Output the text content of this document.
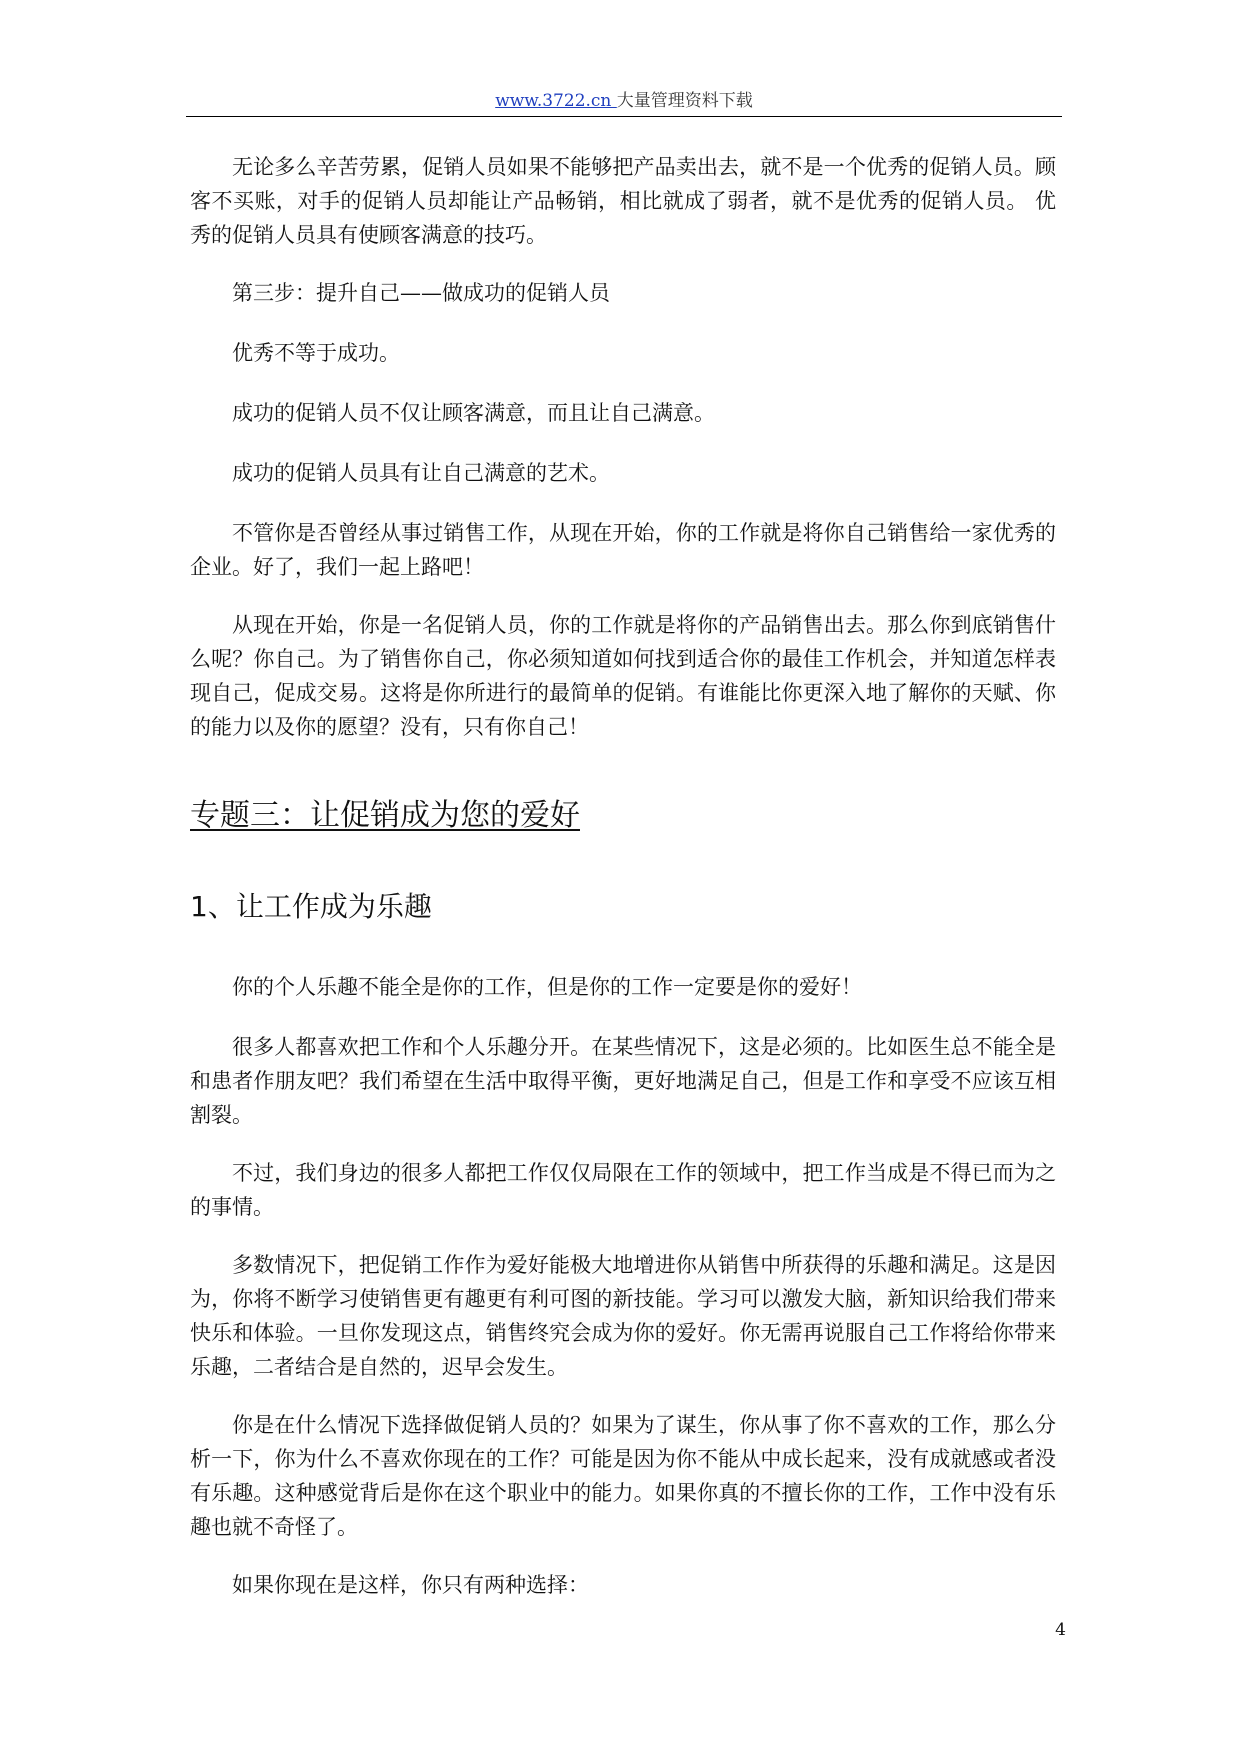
www.3722.cn 大量管理资料下载

无论多么辛苦劳累，促销人员如果不能够把产品卖出去，就不是一个优秀的促销人员。顾客不买账，对手的促销人员却能让产品畅销，相比就成了弱者，就不是优秀的促销人员。 优秀的促销人员具有使顾客满意的技巧。

第三步：提升自己——做成功的促销人员

优秀不等于成功。

成功的促销人员不仅让顾客满意，而且让自己满意。

成功的促销人员具有让自己满意的艺术。

不管你是否曾经从事过销售工作，从现在开始，你的工作就是将你自己销售给一家优秀的企业。好了，我们一起上路吧！

从现在开始，你是一名促销人员，你的工作就是将你的产品销售出去。那么你到底销售什么呢？你自己。为了销售你自己，你必须知道如何找到适合你的最佳工作机会，并知道怎样表现自己，促成交易。这将是你所进行的最简单的促销。有谁能比你更深入地了解你的天赋、你的能力以及你的愿望？没有，只有你自己！

专题三：让促销成为您的爱好
1、让工作成为乐趣

你的个人乐趣不能全是你的工作，但是你的工作一定要是你的爱好！

很多人都喜欢把工作和个人乐趣分开。在某些情况下，这是必须的。比如医生总不能全是和患者作朋友吧？我们希望在生活中取得平衡，更好地满足自己，但是工作和享受不应该互相割裂。

不过，我们身边的很多人都把工作仅仅局限在工作的领域中，把工作当成是不得已而为之的事情。

多数情况下，把促销工作作为爱好能极大地增进你从销售中所获得的乐趣和满足。这是因为，你将不断学习使销售更有趣更有利可图的新技能。学习可以激发大脑，新知识给我们带来快乐和体验。一旦你发现这点，销售终究会成为你的爱好。你无需再说服自己工作将给你带来乐趣，二者结合是自然的，迟早会发生。

你是在什么情况下选择做促销人员的？如果为了谋生，你从事了你不喜欢的工作，那么分析一下，你为什么不喜欢你现在的工作？可能是因为你不能从中成长起来，没有成就感或者没有乐趣。这种感觉背后是你在这个职业中的能力。如果你真的不擅长你的工作，工作中没有乐趣也就不奇怪了。

如果你现在是这样，你只有两种选择：

4
